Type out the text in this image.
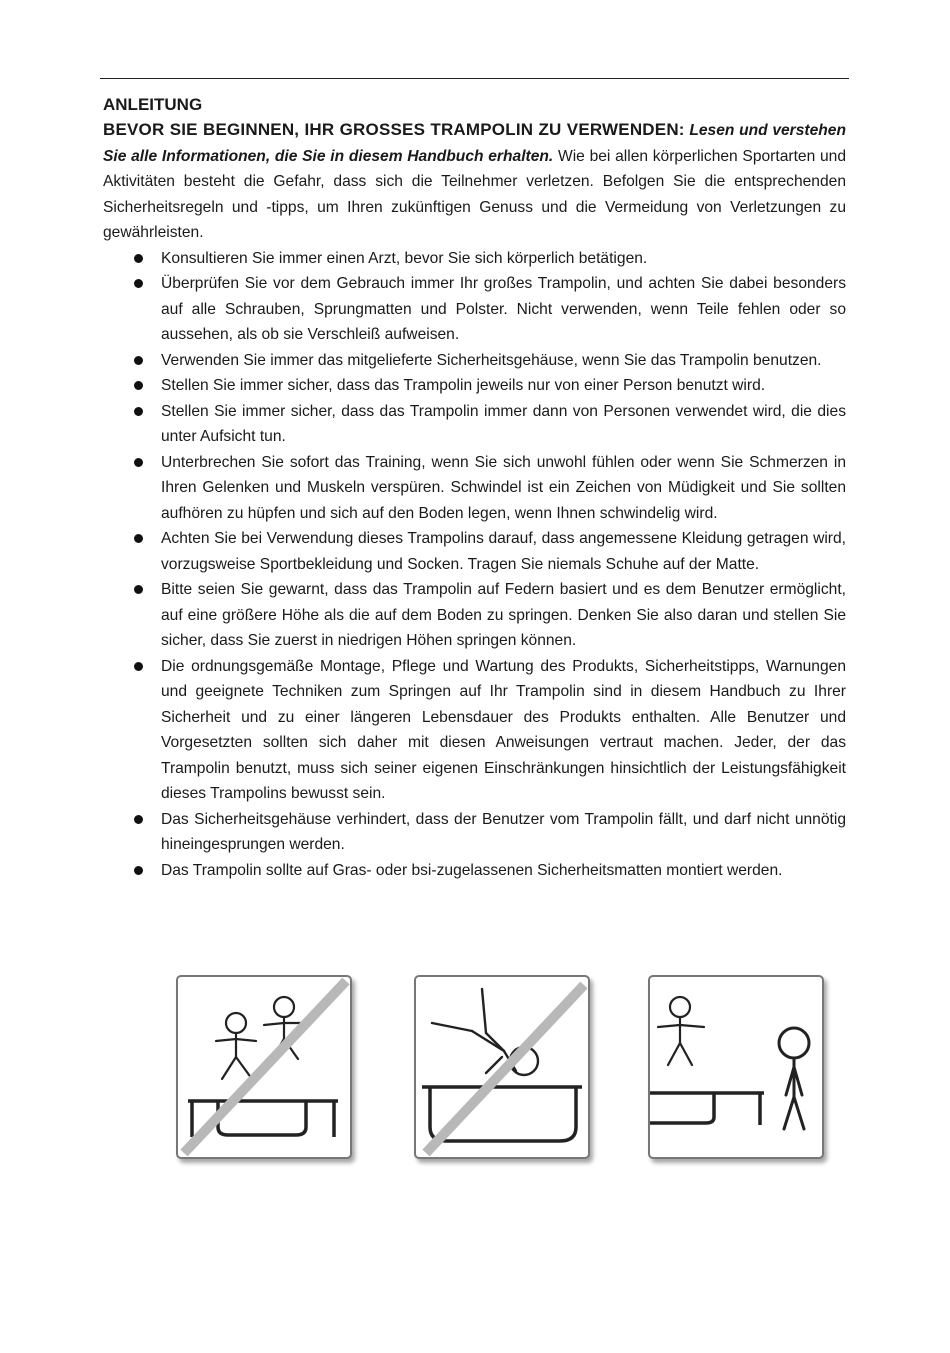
ANLEITUNG

BEVOR SIE BEGINNEN, IHR GROSSES TRAMPOLIN ZU VERWENDEN: Lesen und verstehen Sie alle Informationen, die Sie in diesem Handbuch erhalten. Wie bei allen körperlichen Sportarten und Aktivitäten besteht die Gefahr, dass sich die Teilnehmer verletzen. Befolgen Sie die entsprechenden Sicherheitsregeln und -tipps, um Ihren zukünftigen Genuss und die Vermeidung von Verletzungen zu gewährleisten.

Konsultieren Sie immer einen Arzt, bevor Sie sich körperlich betätigen.
Überprüfen Sie vor dem Gebrauch immer Ihr großes Trampolin, und achten Sie dabei besonders auf alle Schrauben, Sprungmatten und Polster. Nicht verwenden, wenn Teile fehlen oder so aussehen, als ob sie Verschleiß aufweisen.
Verwenden Sie immer das mitgelieferte Sicherheitsgehäuse, wenn Sie das Trampolin benutzen.
Stellen Sie immer sicher, dass das Trampolin jeweils nur von einer Person benutzt wird.
Stellen Sie immer sicher, dass das Trampolin immer dann von Personen verwendet wird, die dies unter Aufsicht tun.
Unterbrechen Sie sofort das Training, wenn Sie sich unwohl fühlen oder wenn Sie Schmerzen in Ihren Gelenken und Muskeln verspüren. Schwindel ist ein Zeichen von Müdigkeit und Sie sollten aufhören zu hüpfen und sich auf den Boden legen, wenn Ihnen schwindelig wird.
Achten Sie bei Verwendung dieses Trampolins darauf, dass angemessene Kleidung getragen wird, vorzugsweise Sportbekleidung und Socken. Tragen Sie niemals Schuhe auf der Matte.
Bitte seien Sie gewarnt, dass das Trampolin auf Federn basiert und es dem Benutzer ermöglicht, auf eine größere Höhe als die auf dem Boden zu springen. Denken Sie also daran und stellen Sie sicher, dass Sie zuerst in niedrigen Höhen springen können.
Die ordnungsgemäße Montage, Pflege und Wartung des Produkts, Sicherheitstipps, Warnungen und geeignete Techniken zum Springen auf Ihr Trampolin sind in diesem Handbuch zu Ihrer Sicherheit und zu einer längeren Lebensdauer des Produkts enthalten. Alle Benutzer und Vorgesetzten sollten sich daher mit diesen Anweisungen vertraut machen. Jeder, der das Trampolin benutzt, muss sich seiner eigenen Einschränkungen hinsichtlich der Leistungsfähigkeit dieses Trampolins bewusst sein.
Das Sicherheitsgehäuse verhindert, dass der Benutzer vom Trampolin fällt, und darf nicht unnötig hineingesprungen werden.
Das Trampolin sollte auf Gras- oder bsi-zugelassenen Sicherheitsmatten montiert werden.
